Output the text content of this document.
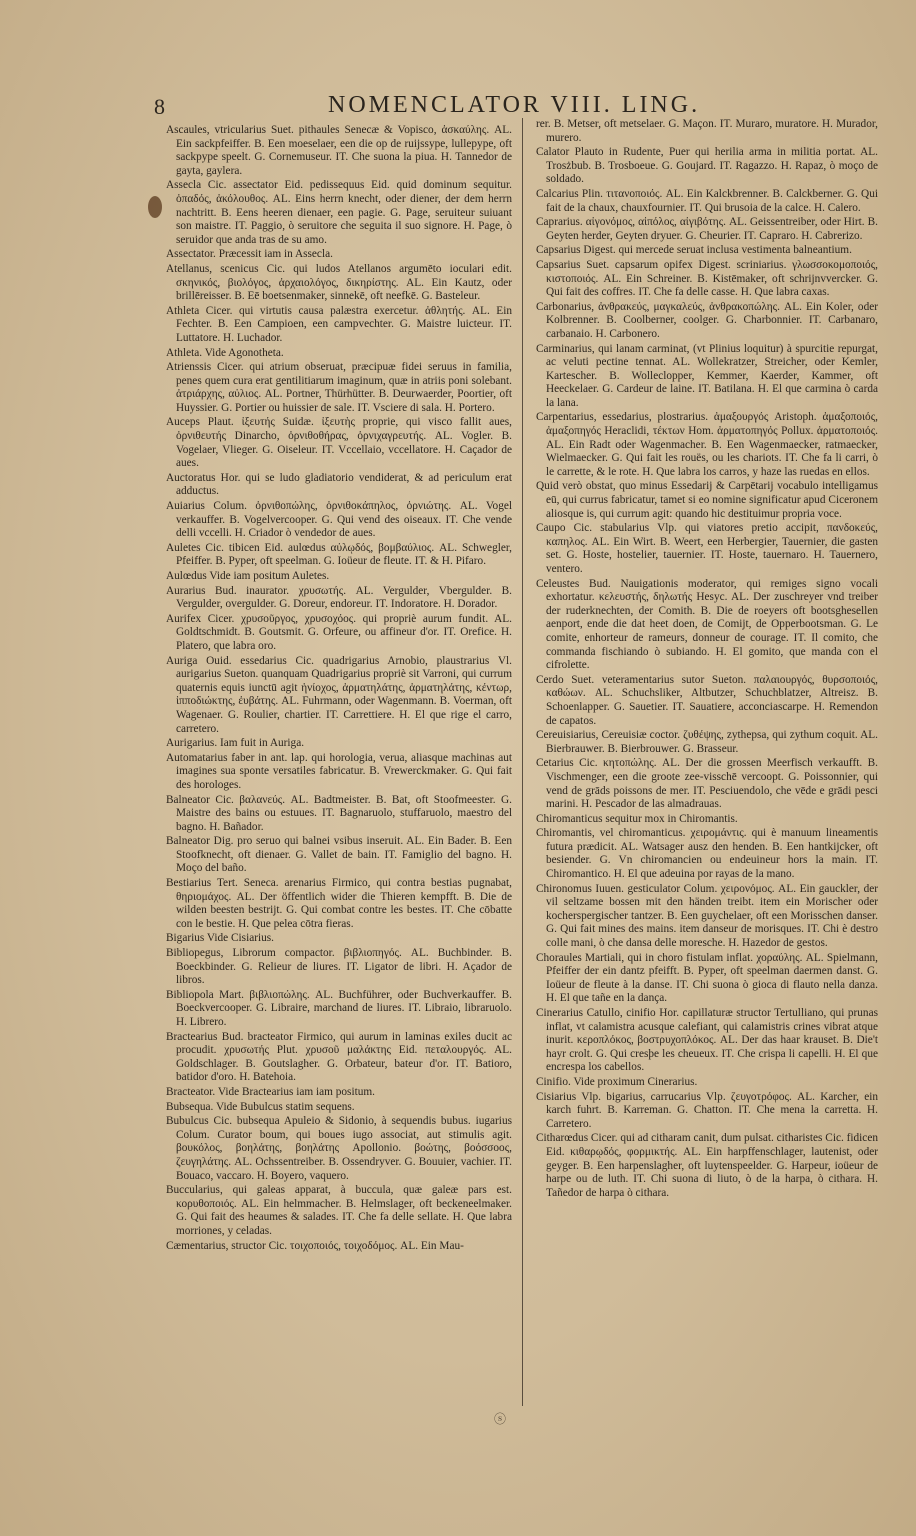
8	NOMENCLATOR VIII. LING.

Ascaules, vtricularius Suet. pithaules Senecæ & Vopisco, ἀσκαύλης. AL. Ein sackpfeiffer. B. Een moeselaer, een die op de ruijssype, lullepype, oft sackpype speelt. G. Cornemuseur. IT. Che suona la piua. H. Tannedor de gayta, gaylera.

Assecla Cic. assectator Eid. pedissequus Eid. quid dominum sequitur. ὀπαδός, ἀκόλουθος. AL. Eins herrn knecht, oder diener, der dem herrn nachtritt. B. Eens heeren dienaer, een pagie. G. Page, seruiteur suiuant son maistre. IT. Paggio, ò seruitore che seguita il suo signore. H. Page, ò seruidor que anda tras de su amo.

Assectator. Præcessit iam in Assecla.

Atellanus, scenicus Cic. qui ludos Atellanos argumēto ioculari edit. σκηνικός, βιολόγος, ἀρχαιολόγος, δικηρίστης. AL. Ein Kautz, oder brillēreisser. B. Eē boetsenmaker, sinnekē, oft neefkē. G. Basteleur.

Athleta Cicer. qui virtutis causa palæstra exercetur. ἀθλητής. AL. Ein Fechter. B. Een Campioen, een campvechter. G. Maistre luicteur. IT. Luttatore. H. Luchador.

Athleta. Vide Agonotheta.

Atrienssis Cicer. qui atrium obseruat, præcipuæ fidei seruus in familia, penes quem cura erat gentilitiarum imaginum, quæ in atriis poni solebant. ἀτριάρχης, αὐλιος. AL. Portner, Thürhütter. B. Deurwaerder, Poortier, oft Huyssier. G. Portier ou huissier de sale. IT. Vsciere di sala. H. Portero.

Auceps Plaut. ἰξευτής Suidæ. ἰξευτὴς proprie, qui visco fallit aues, ὀρνιθευτής Dinarcho, ὀρνιθοθήρας, ὀρνιχαγρευτής. AL. Vogler. B. Vogelaer, Vlieger. G. Oiseleur. IT. Vccellaio, vccellatore. H. Caçador de aues.

Auctoratus Hor. qui se ludo gladiatorio vendiderat, & ad periculum erat adductus.

Auiarius Colum. ὀρνιθοπώλης, ὀρνιθοκάπηλος, ὀρνιώτης. AL. Vogel verkauffer. B. Vogelvercooper. G. Qui vend des oiseaux. IT. Che vende delli vccelli. H. Criador ò vendedor de aues.

Auletes Cic. tibicen Eid. aulœdus αὐλῳδός, βομβαύλιος. AL. Schwegler, Pfeiffer. B. Pyper, oft speelman. G. Ioüeur de fleute. IT. & H. Pifaro.

Aulœdus Vide iam positum Auletes.

Aurarius Bud. inaurator. χρυσωτής. AL. Vergulder, Vbergulder. B. Vergulder, overgulder. G. Doreur, endoreur. IT. Indoratore. H. Dorador.

Aurifex Cicer. χρυσοῦργος, χρυσοχόος. qui propriè aurum fundit. AL. Goldtschmidt. B. Goutsmit. G. Orfeure, ou affineur d'or. IT. Orefice. H. Platero, que labra oro.

Auriga Ouid. essedarius Cic. quadrigarius Arnobio, plaustrarius Vl. aurigarius Sueton. quanquam Quadrigarius propriè sit Varroni, qui currum quaternis equis iunctū agit ἡνίοχος, ἁρματηλάτης, ἁρματηλάτης, κέντωρ, ἱπποδιώκτης, ἐυβάτης. AL. Fuhrmann, oder Wagenmann. B. Voerman, oft Wagenaer. G. Roulier, chartier. IT. Carrettiere. H. El que rige el carro, carretero.

Aurigarius. Iam fuit in Auriga.

Automatarius faber in ant. lap. qui horologia, verua, aliasque machinas aut imagines sua sponte versatiles fabricatur. B. Vrewerckmaker. G. Qui fait des horologes.

Balneator Cic. βαλανεύς. AL. Badtmeister. B. Bat, oft Stoofmeester. G. Maistre des bains ou estuues. IT. Bagnaruolo, stuffaruolo, maestro del bagno. H. Bañador.

Balneator Dig. pro seruo qui balnei vsibus inseruit. AL. Ein Bader. B. Een Stoofknecht, oft dienaer. G. Vallet de bain. IT. Famiglio del bagno. H. Moço del baño.

Bestiarius Tert. Seneca. arenarius Firmico, qui contra bestias pugnabat, θηριομάχος. AL. Der öffentlich wider die Thieren kempfft. B. Die de wilden beesten bestrijt. G. Qui combat contre les bestes. IT. Che cōbatte con le bestie. H. Que pelea cōtra fieras.

Bigarius Vide Cisiarius.

Bibliopegus, Librorum compactor. βιβλιοπηγός. AL. Buchbinder. B. Boeckbinder. G. Relieur de liures. IT. Ligator de libri. H. Açador de libros.

Bibliopola Mart. βιβλιοπώλης. AL. Buchführer, oder Buchverkauffer. B. Boeckvercooper. G. Libraire, marchand de liures. IT. Libraio, libraruolo. H. Librero.

Bractearius Bud. bracteator Firmico, qui aurum in laminas exiles ducit ac procudit. χρυσωτής Plut. χρυσοῦ μαλάκτης Eid. πεταλουργός. AL. Goldschlager. B. Goutslagher. G. Orbateur, bateur d'or. IT. Batioro, batidor d'oro. H. Batehoia.

Bracteator. Vide Bractearius iam iam positum.

Bubsequa. Vide Bubulcus statim sequens.

Bubulcus Cic. bubsequa Apuleio & Sidonio, à sequendis bubus. iugarius Colum. Curator boum, qui boues iugo associat, aut stimulis agit. βουκόλος, βοηλάτης, βοηλάτης Apollonio. βοώτης, βοόσσοος, ζευγηλάτης. AL. Ochssentreiber. B. Ossendryver. G. Bouuier, vachier. IT. Bouaco, vaccaro. H. Boyero, vaquero.

Buccularius, qui galeas apparat, à buccula, quæ galeæ pars est. κορυθοποιός. AL. Ein helmmacher. B. Helmslager, oft beckeneelmaker. G. Qui fait des heaumes & salades. IT. Che fa delle sellate. H. Que labra morriones, y celadas.

Cæmentarius, structor Cic. τοιχοποιός, τοιχοδόμος. AL. Ein Mau-

rer. B. Metser, oft metselaer. G. Maçon. IT. Muraro, muratore. H. Murador, murero.

Calator Plauto in Rudente, Puer qui herilia arma in militia portat. AL. Trosżbub. B. Trosboeue. G. Goujard. IT. Ragazzo. H. Rapaz, ò moço de soldado.

Calcarius Plin. τιτανοποιός. AL. Ein Kalckbrenner. B. Calckberner. G. Qui fait de la chaux, chauxfournier. IT. Qui brusoia de la calce. H. Calero.

Caprarius. αἰγονόμος, αἰπόλος, αἰγιβότης. AL. Geissentreiber, oder Hirt. B. Geyten herder, Geyten dryuer. G. Cheurier. IT. Capraro. H. Cabrerizo.

Capsarius Digest. qui mercede seruat inclusa vestimenta balneantium.

Capsarius Suet. capsarum opifex Digest. scriniarius. γλωσσοκομοποιός, κιστοποιός. AL. Ein Schreiner. B. Kistēmaker, oft schrijnvvercker. G. Qui fait des coffres. IT. Che fa delle casse. H. Que labra caxas.

Carbonarius, ἀνθρακεύς, μαγκαλεύς, ἀνθρακοπώλης. AL. Ein Koler, oder Kolbrenner. B. Coolberner, coolger. G. Charbonnier. IT. Carbanaro, carbanaio. H. Carbonero.

Carminarius, qui lanam carminat, (vt Plinius loquitur) à spurcitie repurgat, ac veluti pectine tennat. AL. Wollekratzer, Streicher, oder Kemler, Kartescher. B. Wolleclopper, Kemmer, Kaerder, Kammer, oft Heeckelaer. G. Cardeur de laine. IT. Batilana. H. El que carmina ò carda la lana.

Carpentarius, essedarius, plostrarius. ἁμαξουργός Aristoph. ἁμαξοποιός, ἁμαξοπηγός Heraclidi, τέκτων Hom. ἁρματοπηγός Pollux. ἁρματοποιός. AL. Ein Radt oder Wagenmacher. B. Een Wagenmaecker, ratmaecker, Wielmaecker. G. Qui fait les rouës, ou les chariots. IT. Che fa li carri, ò le carrette, & le rote. H. Que labra los carros, y haze las ruedas en ellos.

Quid verò obstat, quo minus Essedarij & Carpētarij vocabulo intelligamus eū, qui currus fabricatur, tamet si eo nomine significatur apud Ciceronem aliosque is, qui currum agit: quando hic destituimur propria voce.

Caupo Cic. stabularius Vlp. qui viatores pretio accipit, πανδοκεύς, καπηλος. AL. Ein Wirt. B. Weert, een Herbergier, Tauernier, die gasten set. G. Hoste, hostelier, tauernier. IT. Hoste, tauernaro. H. Tauernero, ventero.

Celeustes Bud. Nauigationis moderator, qui remiges signo vocali exhortatur. κελευστής, δηλωτής Hesyc. AL. Der zuschreyer vnd treiber der ruderknechten, der Comith. B. Die de roeyers oft bootsghesellen aenport, ende die dat heet doen, de Comijt, de Opperbootsman. G. Le comite, enhorteur de rameurs, donneur de courage. IT. Il comito, che commanda fischiando ò subiando. H. El gomito, que manda con el cifrolette.

Cerdo Suet. veteramentarius sutor Sueton. παλαιουργός, θυρσοποιός, καθώων. AL. Schuchsliker, Altbutzer, Schuchblatzer, Altreisz. B. Schoenlapper. G. Sauetier. IT. Sauatiere, acconciascarpe. H. Remendon de capatos.

Cereuisiarius, Cereuisiæ coctor. ζυθέψης, zythepsa, qui zythum coquit. AL. Bierbrauwer. B. Bierbrouwer. G. Brasseur.

Cetarius Cic. κητοπώλης. AL. Der die grossen Meerfisch verkaufft. B. Vischmenger, een die groote zee-visschē vercoopt. G. Poissonnier, qui vend de grāds poissons de mer. IT. Pesciuendolo, che vēde e grādi pesci marini. H. Pescador de las almadrauas.

Chiromanticus sequitur mox in Chiromantis.

Chiromantis, vel chiromanticus. χειρομάντις. qui è manuum lineamentis futura prædicit. AL. Watsager ausz den henden. B. Een hantkijcker, oft besiender. G. Vn chiromancien ou endeuineur hors la main. IT. Chiromantico. H. El que adeuina por rayas de la mano.

Chironomus Iuuen. gesticulator Colum. χειρονόμος. AL. Ein gauckler, der vil seltzame bossen mit den händen treibt. item ein Morischer oder kocherspergischer tantzer. B. Een guychelaer, oft een Morisschen danser. G. Qui fait mines des mains. item danseur de morisques. IT. Chi è destro colle mani, ò che dansa delle moresche. H. Hazedor de gestos.

Choraules Martiali, qui in choro fistulam inflat. χοραύλης. AL. Spielmann, Pfeiffer der ein dantz pfeifft. B. Pyper, oft speelman daermen danst. G. Ioüeur de fleute à la danse. IT. Chi suona ò gioca di flauto nella danza. H. El que tañe en la dança.

Cinerarius Catullo, cinifio Hor. capillaturæ structor Tertulliano, qui prunas inflat, vt calamistra acusque calefiant, qui calamistris crines vibrat atque inurit. κεροπλόκος, βοστρυχοπλόκος. AL. Der das haar krauset. B. Die't hayr crolt. G. Qui cresþe les cheueux. IT. Che crispa li capelli. H. El que encrespa los cabellos.

Cinifio. Vide proximum Cinerarius.

Cisiarius Vlp. bigarius, carrucarius Vlp. ζευγοτρόφος. AL. Karcher, ein karch fuhrt. B. Karreman. G. Chatton. IT. Che mena la carretta. H. Carretero.

Citharœdus Cicer. qui ad citharam canit, dum pulsat. citharistes Cic. fidicen Eid. κιθαρῳδός, φορμικτής. AL. Ein harpffenschlager, lautenist, oder geyger. B. Een harpenslagher, oft luytenspeelder. G. Harpeur, ioüeur de harpe ou de luth. IT. Chi suona di liuto, ò de la harpa, ò cithara. H. Tañedor de harpa ò cithara.

ⓢ
